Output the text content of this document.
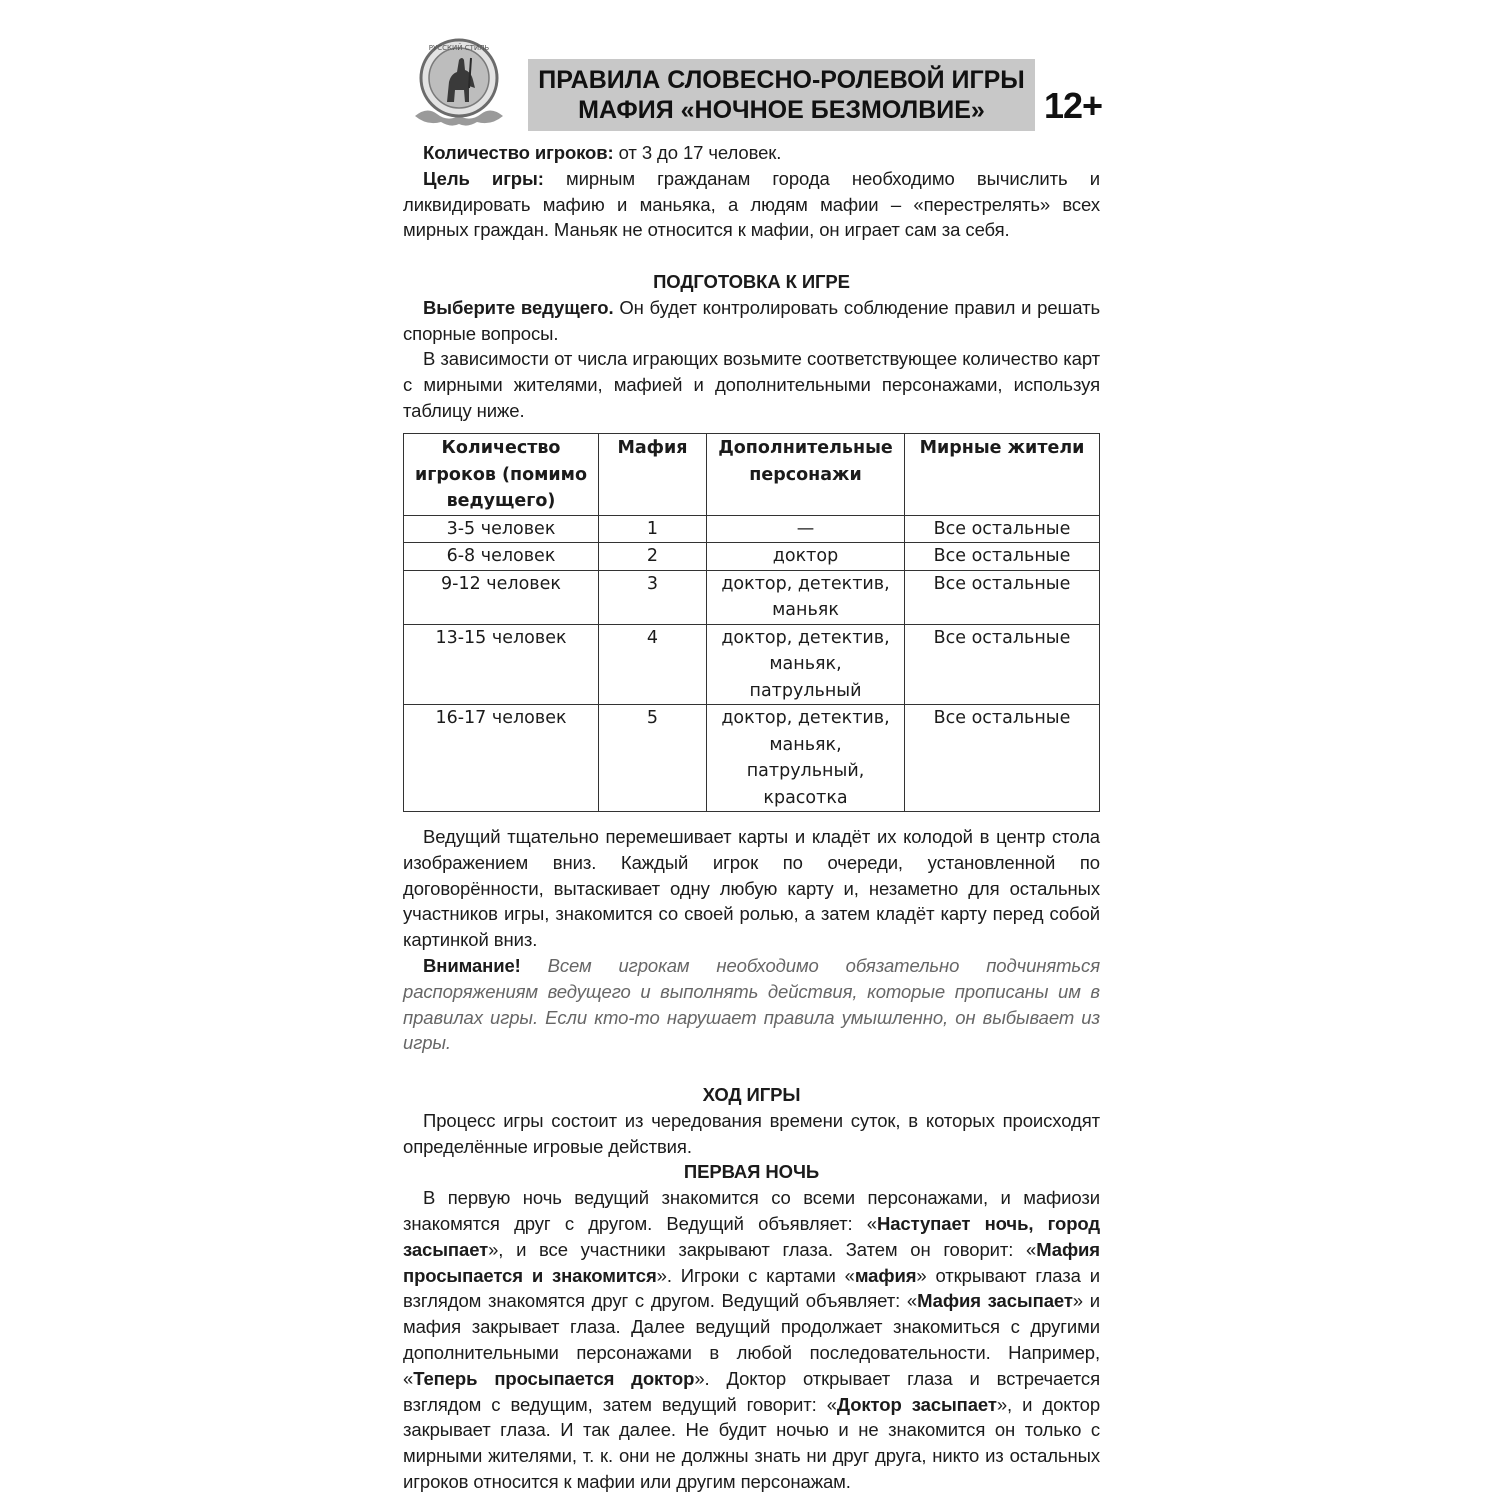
РУССКИЙ СТИЛЬ
ПРАВИЛА СЛОВЕСНО-РОЛЕВОЙ ИГРЫ
МАФИЯ «НОЧНОЕ БЕЗМОЛВИЕ»	12+

Количество игроков: от 3 до 17 человек.

Цель игры: мирным гражданам города необходимо вычислить и ликвидировать мафию и маньяка, а людям мафии – «перестрелять» всех мирных граждан. Маньяк не относится к мафии, он играет сам за себя.

ПОДГОТОВКА К ИГРЕ

Выберите ведущего. Он будет контролировать соблюдение правил и решать спорные вопросы.

В зависимости от числа играющих возьмите соответствующее количество карт с мирными жителями, мафией и дополнительными персонажами, используя таблицу ниже.

Количество игроков (помимо ведущего)	Мафия	Дополнительные персонажи	Мирные жители
3-5 человек	1	—	Все остальные
6-8 человек	2	доктор	Все остальные
9-12 человек	3	доктор, детектив, маньяк	Все остальные
13-15 человек	4	доктор, детектив, маньяк, патрульный	Все остальные
16-17 человек	5	доктор, детектив, маньяк, патрульный, красотка	Все остальные

Ведущий тщательно перемешивает карты и кладёт их колодой в центр стола изображением вниз. Каждый игрок по очереди, установленной по договорённости, вытаскивает одну любую карту и, незаметно для остальных участников игры, знакомится со своей ролью, а затем кладёт карту перед собой картинкой вниз.

Внимание! Всем игрокам необходимо обязательно подчиняться распоряжениям ведущего и выполнять действия, которые прописаны им в правилах игры. Если кто-то нарушает правила умышленно, он выбывает из игры.

ХОД ИГРЫ

Процесс игры состоит из чередования времени суток, в которых происходят определённые игровые действия.

ПЕРВАЯ НОЧЬ

В первую ночь ведущий знакомится со всеми персонажами, и мафиози знакомятся друг с другом. Ведущий объявляет: «Наступает ночь, город засыпает», и все участники закрывают глаза. Затем он говорит: «Мафия просыпается и знакомится». Игроки с картами «мафия» открывают глаза и взглядом знакомятся друг с другом. Ведущий объявляет: «Мафия засыпает» и мафия закрывает глаза. Далее ведущий продолжает знакомиться с другими дополнительными персонажами в любой последовательности. Например, «Теперь просыпается доктор». Доктор открывает глаза и встречается взглядом с ведущим, затем ведущий говорит: «Доктор засыпает», и доктор закрывает глаза. И так далее. Не будит ночью и не знакомится он только с мирными жителями, т. к. они не должны знать ни друг друга, никто из остальных игроков относится к мафии или другим персонажам.
